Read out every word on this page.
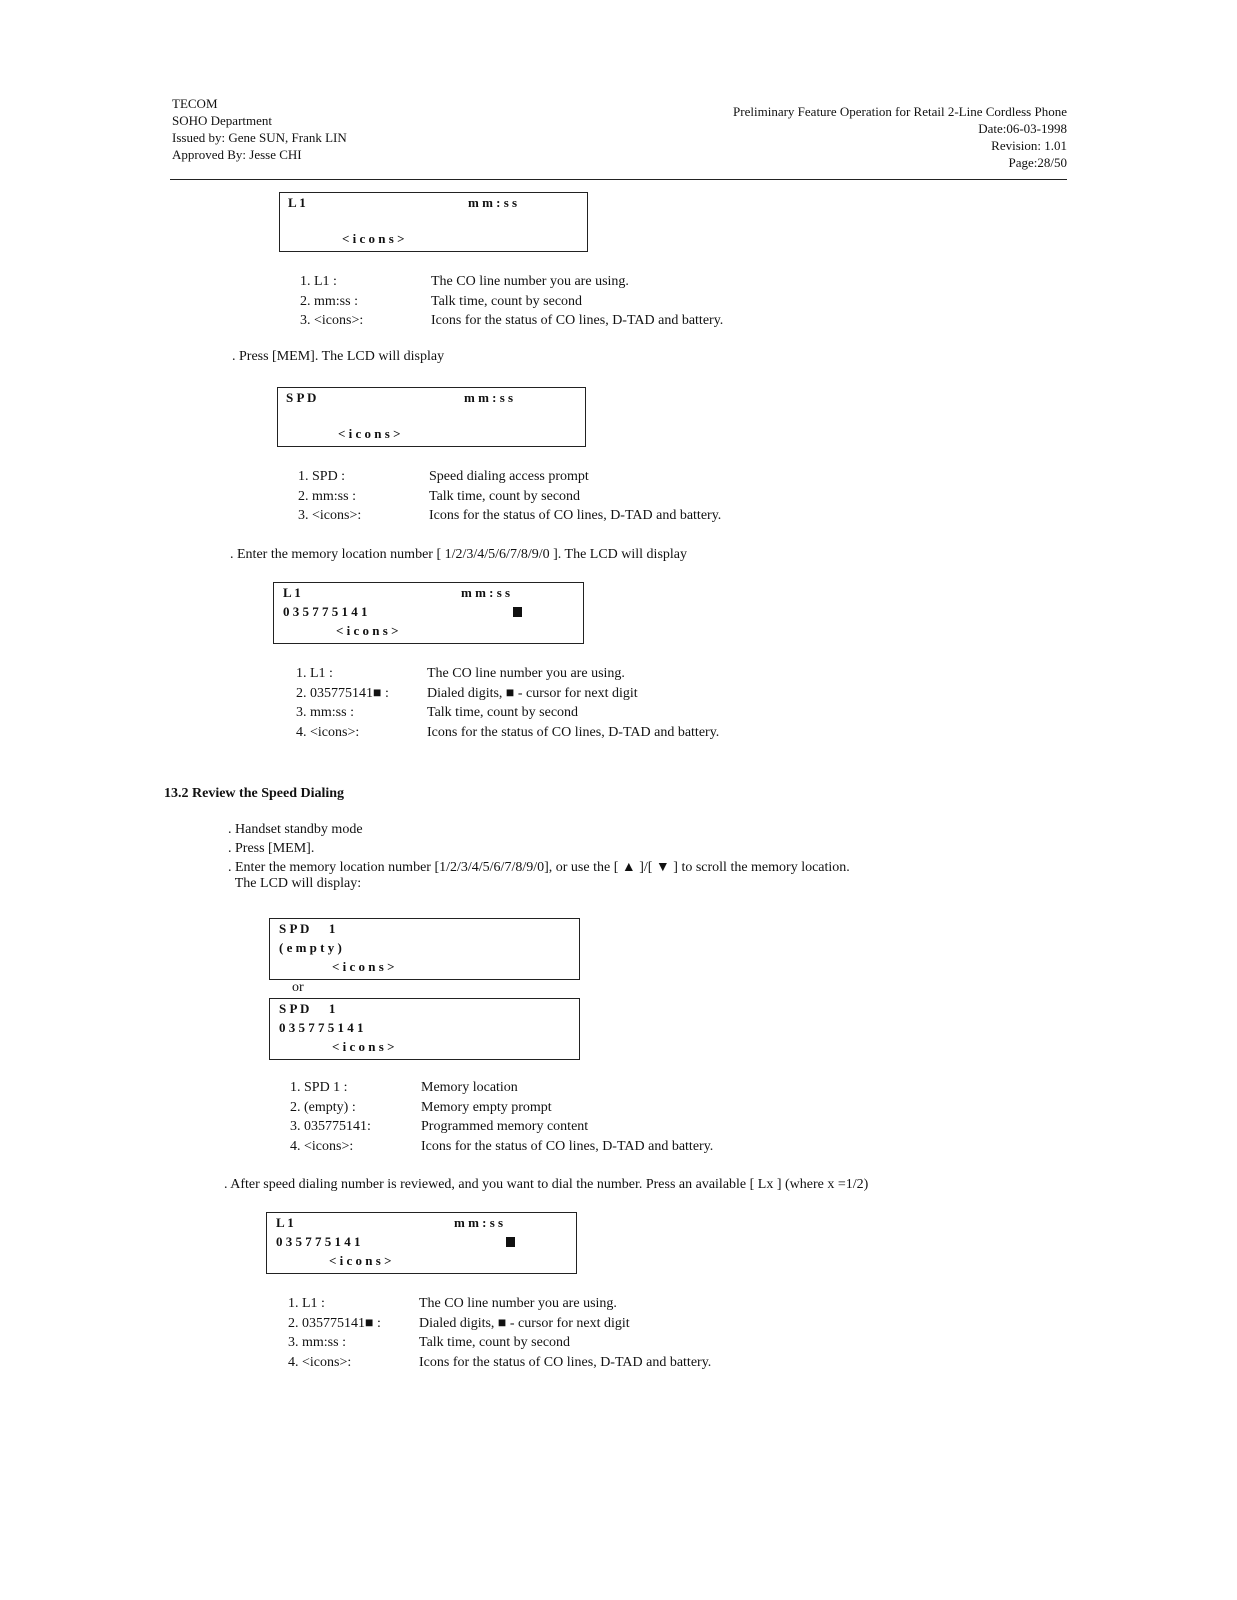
TECOM
SOHO Department
Issued by: Gene SUN, Frank LIN
Approved By: Jesse CHI
Preliminary Feature Operation for Retail 2-Line Cordless Phone
Date:06-03-1998
Revision: 1.01
Page:28/50
L 1	m m : s s
< i c o n s >
1. L1 :	The CO line number you are using.
2. mm:ss :	Talk time, count by second
3. <icons>:	Icons for the status of CO lines, D-TAD and battery.
. Press [MEM]. The LCD will display
S P D	m m : s s
< i c o n s >
1. SPD :	Speed dialing access prompt
2. mm:ss :	Talk time, count by second
3. <icons>:	Icons for the status of CO lines, D-TAD and battery.
. Enter the memory location number [ 1/2/3/4/5/6/7/8/9/0 ]. The LCD will display
L 1	m m : s s
0 3 5 7 7 5 1 4 1
< i c o n s >
1. L1 :	The CO line number you are using.
2. 035775141■ :	Dialed digits, ■ - cursor for next digit
3. mm:ss :	Talk time, count by second
4. <icons>:	Icons for the status of CO lines, D-TAD and battery.
13.2 Review the Speed Dialing
. Handset standby mode
. Press [MEM].
. Enter the memory location number [1/2/3/4/5/6/7/8/9/0], or use the [ ▲ ]/[ ▼ ] to scroll the memory location.
The LCD will display:
S P D      1
( e m p t y )
< i c o n s >
or
S P D      1
0 3 5 7 7 5 1 4 1
< i c o n s >
1. SPD 1 :	Memory location
2. (empty) :	Memory empty prompt
3. 035775141:	Programmed memory content
4. <icons>:	Icons for the status of CO lines, D-TAD and battery.
. After speed dialing number is reviewed, and you want to dial the number. Press an available [ Lx ] (where x =1/2)
L 1	m m : s s
0 3 5 7 7 5 1 4 1
< i c o n s >
1. L1 :	The CO line number you are using.
2. 035775141■ :	Dialed digits, ■ - cursor for next digit
3. mm:ss :	Talk time, count by second
4. <icons>:	Icons for the status of CO lines, D-TAD and battery.
